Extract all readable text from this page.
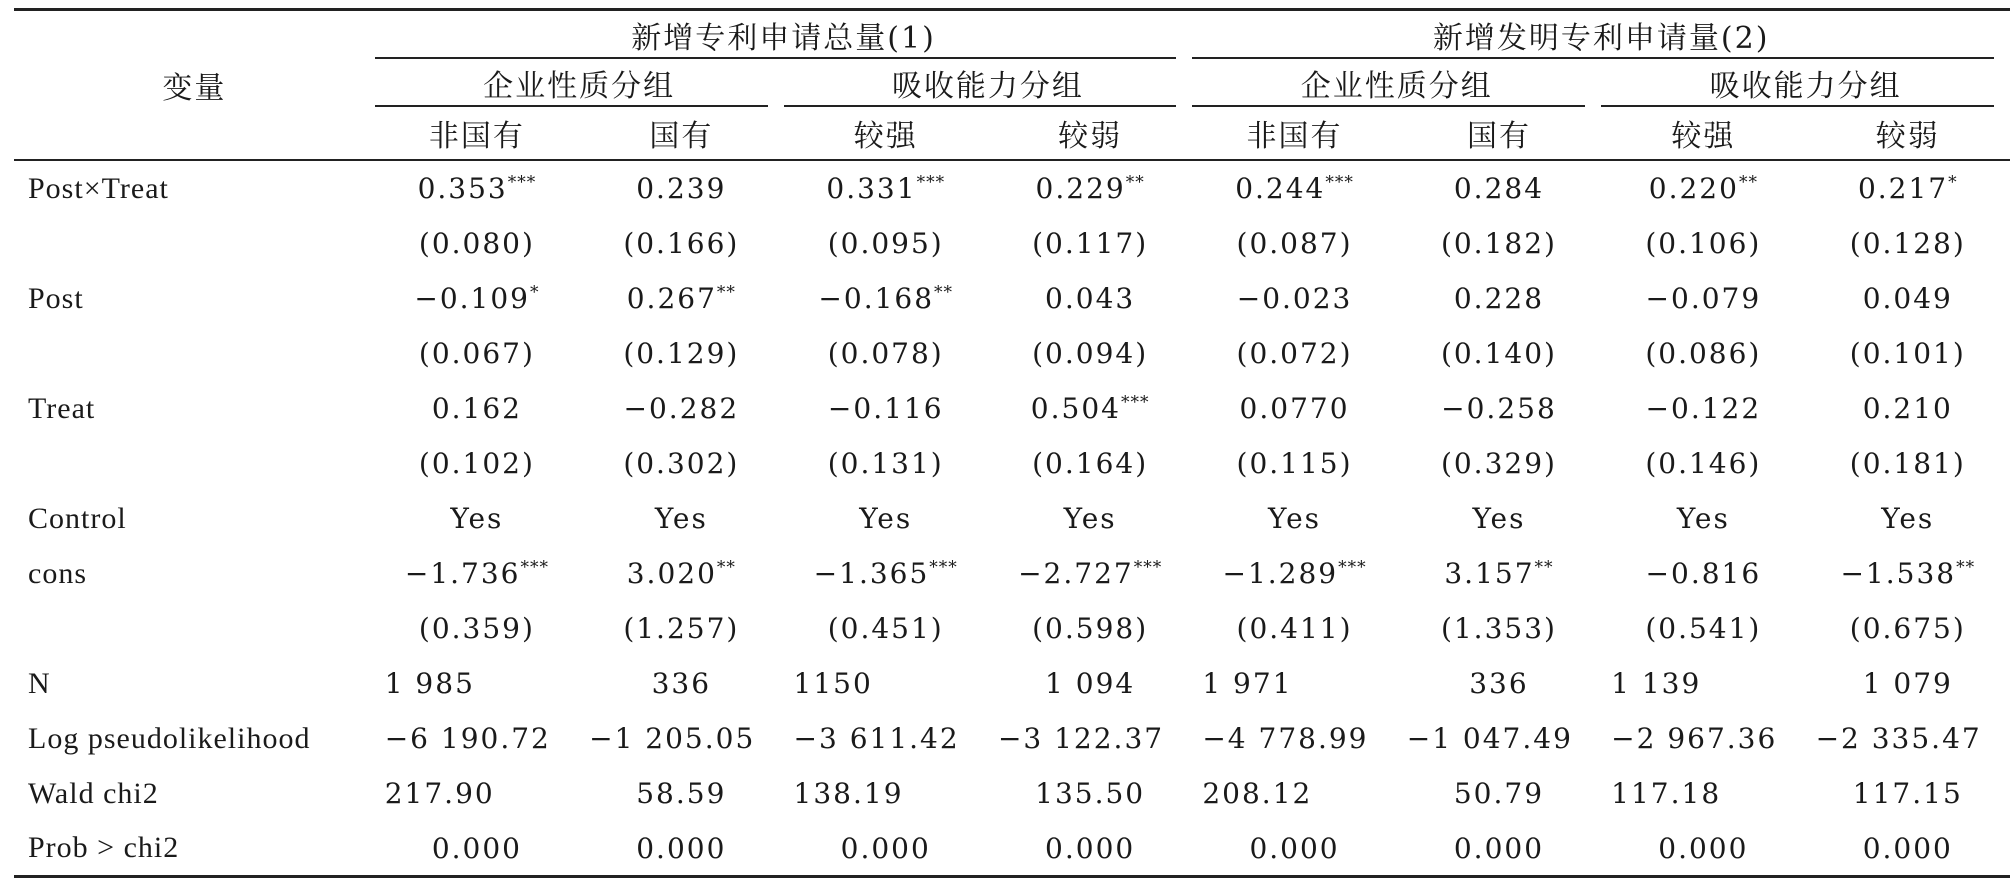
变量	新增专利申请总量(1)				新增发明专利申请量(2)			
	企业性质分组		吸收能力分组		企业性质分组		吸收能力分组	
	非国有	国有	较强	较弱	非国有	国有	较强	较弱
Post×Treat	0.353***	0.239	0.331***	0.229**	0.244***	0.284	0.220**	0.217*
	(0.080)	(0.166)	(0.095)	(0.117)	(0.087)	(0.182)	(0.106)	(0.128)
Post	−0.109*	0.267**	−0.168**	0.043	−0.023	0.228	−0.079	0.049
	(0.067)	(0.129)	(0.078)	(0.094)	(0.072)	(0.140)	(0.086)	(0.101)
Treat	0.162	−0.282	−0.116	0.504***	0.0770	−0.258	−0.122	0.210
	(0.102)	(0.302)	(0.131)	(0.164)	(0.115)	(0.329)	(0.146)	(0.181)
Control	Yes	Yes	Yes	Yes	Yes	Yes	Yes	Yes
cons	−1.736***	3.020**	−1.365***	−2.727***	−1.289***	3.157**	−0.816	−1.538**
	(0.359)	(1.257)	(0.451)	(0.598)	(0.411)	(1.353)	(0.541)	(0.675)
N	1 985	336	1150	1 094	1 971	336	1 139	1 079
Log pseudolikelihood	−6 190.72	−1 205.05	−3 611.42	−3 122.37	−4 778.99	−1 047.49	−2 967.36	−2 335.47
Wald chi2	217.90	58.59	138.19	135.50	208.12	50.79	117.18	117.15
Prob > chi2	0.000	0.000	0.000	0.000	0.000	0.000	0.000	0.000
